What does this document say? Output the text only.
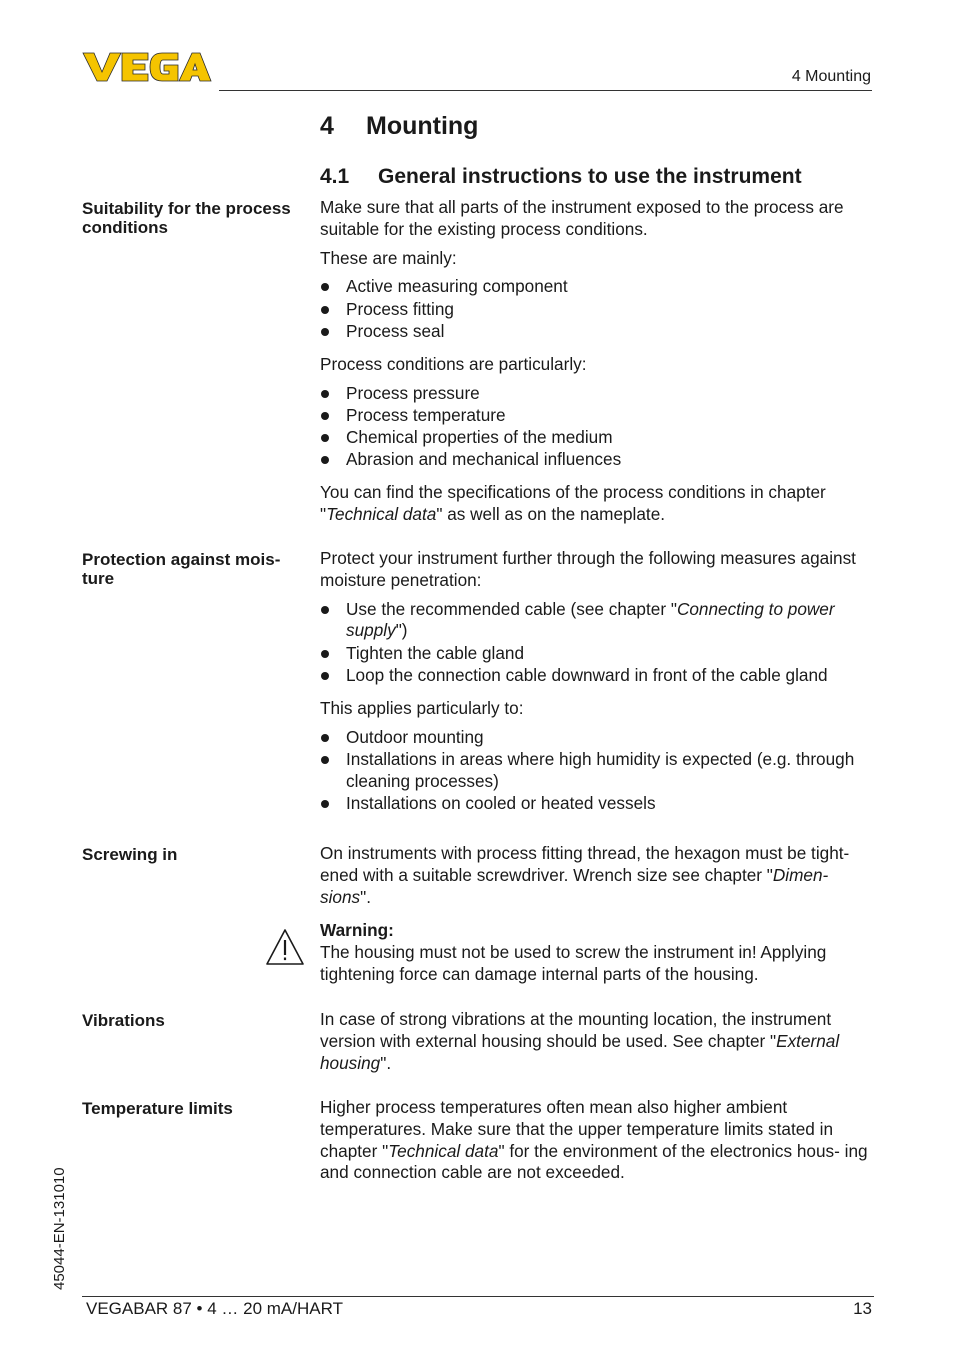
4 Mounting
4 Mounting
4.1 General instructions to use the instrument
Suitability for the process conditions

Make sure that all parts of the instrument exposed to the process are suitable for the existing process conditions.

These are mainly:

Active measuring component
Process fitting
Process seal

Process conditions are particularly:

Process pressure
Process temperature
Chemical properties of the medium
Abrasion and mechanical influences

You can find the specifications of the process conditions in chapter "Technical data" as well as on the nameplate.

Protection against mois- ture

Protect your instrument further through the following measures against moisture penetration:

Use the recommended cable (see chapter "Connecting to power supply")
Tighten the cable gland
Loop the connection cable downward in front of the cable gland

This applies particularly to:

Outdoor mounting
Installations in areas where high humidity is expected (e.g. through cleaning processes)
Installations on cooled or heated vessels
Screwing in	On instruments with process fitting thread, the hexagon must be tight- ened with a suitable screwdriver. Wrench size see chapter "Dimen- sions".

Warning:
The housing must not be used to screw the instrument in! Applying tightening force can damage internal parts of the housing.
Vibrations	In case of strong vibrations at the mounting location, the instrument version with external housing should be used. See chapter "External housing".

Temperature limits	Higher process temperatures often mean also higher ambient temperatures. Make sure that the upper temperature limits stated in chapter "Technical data" for the environment of the electronics hous- ing and connection cable are not exceeded.

45044-EN-131010
VEGABAR 87 • 4 … 20 mA/HART	13
